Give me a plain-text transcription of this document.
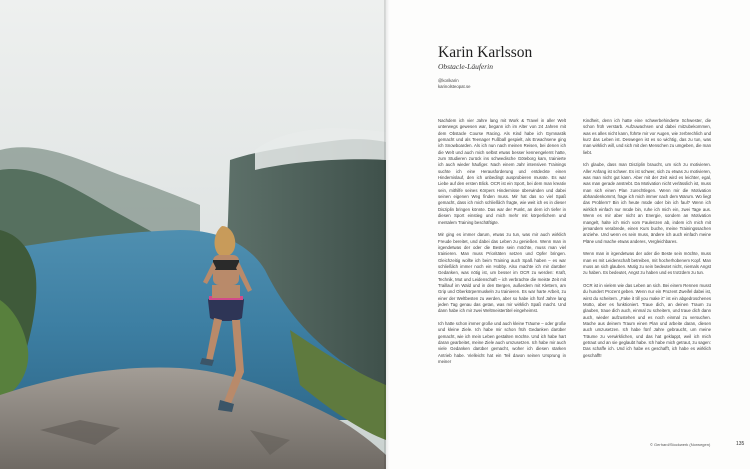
Karin Karlsson

Obstacle-Läuferin

@korikarin

karinolsteopat.se

Nachdem ich vier Jahre lang mit Work & Travel in aller Welt unterwegs gewesen war, begann ich im Alter von 24 Jahren mit dem Obstacle Course Racing. Als Kind habe ich Gymnastik gemacht und als Teenager Fußball gespielt, als Erwachsene ging ich Snowboarden. Als ich nun nach meinen Reisen, bei denen ich die Welt und auch mich selbst etwas besser kennengelernt hatte, zum Studieren zurück ins schwedische Göteborg kam, trainierte ich auch wieder häufiger. Nach einem Jahr intensiven Trainings suchte ich eine Herausforderung und entdeckte einen Hindernislauf, den ich unbedingt ausprobieren musste. Es war Liebe auf den ersten Blick. OCR ist ein Sport, bei dem man kreativ sein, mithilfe seines Körpers Hindernisse überwinden und dabei seinen eigenen Weg finden muss. Mir hat das so viel Spaß gemacht, dass ich mich schließlich fragte, wie weit ich es in dieser Disziplin bringen könnte. Das war der Punkt, an dem ich tiefer in diesen Sport einstieg und mich mehr mit körperlichem und mentalem Training beschäftigte.

Mir ging es immer darum, etwas zu tun, was mir auch wirklich Freude bereitet, und dabei das Leben zu genießen. Wenn man in irgendetwas der oder die Beste sein möchte, muss man viel trainieren. Man muss Prioritäten setzen und Opfer bringen. Gleichzeitig wollte ich beim Training auch Spaß haben – es war schließlich immer noch ein Hobby. Also machte ich mir darüber Gedanken, was nötig ist, um besser im OCR zu werden: Kraft, Technik, Mut und Leidenschaft – ich verbrachte die meiste Zeit mit Traillauf im Wald und in den Bergen, außerdem mit Klettern, am Grip und Oberkörpermuskeln zu trainieren. Es war harte Arbeit, zu einer der Weltbesten zu werden, aber so habe ich fünf Jahre lang jeden Tag genau das getan, was mir wirklich Spaß macht. Und dann habe ich mir zwei Weltmeistertitel eingeheimst.

Ich hatte schon immer große und auch kleine Träume – oder große und kleine Ziele. Ich habe mir schon früh Gedanken darüber gemacht, wie ich mein Leben gestalten möchte. Und ich habe hart daran gearbeitet, meine Ziele auch umzusetzen. Ich habe mir auch viele Gedanken darüber gemacht, woher ich diesen starken Antrieb habe. Vielleicht hat ein Teil davon seinen Ursprung in meiner

Kindheit, denn ich hatte eine schwerbehinderte Schwester, die schon früh verstarb. Aufzuwachsen und dabei mitzubekommen, was es alles nicht kann, führte mir vor Augen, wie zerbrechlich und kurz das Leben ist. Deswegen ist es so wichtig, das zu tun, was man wirklich will, und sich mit den Menschen zu umgeben, die man liebt.

Ich glaube, dass man Disziplin braucht, um sich zu motivieren. Aller Anfang ist schwer. Es ist schwer, sich zu etwas zu motivieren, was man nicht gut kann. Aber mit der Zeit wird es leichter, egal, was man gerade anstrebt. Da Motivation nicht verlässlich ist, muss man sich einen Plan zurechtlegen. Wenn mir die Motivation abhandenkommt, frage ich mich immer nach dem Warum. Wo liegt das Problem? Bin ich heute müde oder bin ich faul? Wenn ich wirklich einfach nur müde bin, ruhe ich mich ein, zwei Tage aus. Wenn es mir aber nicht an Energie, sondern an Motivation mangelt, halte ich mich vom Faulenzen ab, indem ich mich mit jemandem verabrede, einen Kurs buche, meine Trainingssachen anziehe. Und wenn es sein muss, ändere ich auch einfach meine Pläne und mache etwas anderes, Vergleichbares.

Wenn man in irgendetwas der oder die Beste sein möchte, muss man es mit Leidenschaft betreiben, mit hocherhobenem Kopf. Man muss an sich glauben. Mutig zu sein bedeutet nicht, niemals Angst zu haben. Es bedeutet, Angst zu haben und es trotzdem zu tun.

OCR ist in vielem wie das Leben an sich. Bei einem Rennen musst du hundert Prozent geben. Wenn nur ein Prozent Zweifel dabei ist, wirst du scheitern. „Fake it till you make it“ ist ein abgedroschenes Motto, aber es funktioniert. Traue dich, an deinen Traum zu glauben, traue dich auch, einmal zu scheitern, und traue dich dann auch, wieder aufzustehen und es noch einmal zu versuchen. Mache aus deinem Traum einen Plan und arbeite daran, diesen auch umzusetzen. Ich habe fünf Jahre gebraucht, um meine Träume zu verwirklichen, und das hat geklappt, weil ich mich getraut und an sie geglaubt habe. Ich habe mich getraut, zu sagen: Das schaffe ich. Und ich habe es geschafft, ich habe es wirklich geschafft!

© Gerhard/Stockwerk (Norwegen)	135
